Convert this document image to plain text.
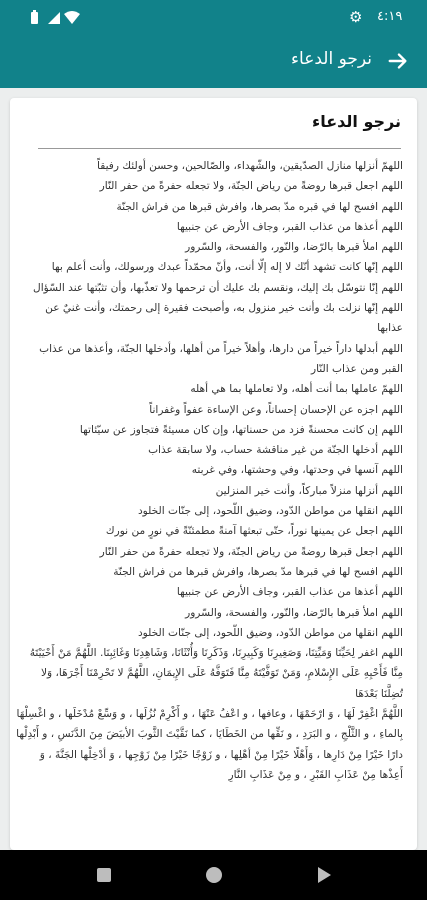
⚙ ٤:١٩
نرجو الدعاء
نرجو الدعاء

اللهمّ أنزلها منازل الصدّيقين، والشّهداء، والصّالحين، وحسن أولئك رفيقاً

اللهم اجعل قبرها روضةً من رياض الجنّة، ولا تجعله حفرةً من حفر النّار

اللهم افسح لها في قبره مدّ بصرها، وافرش قبرها من فراش الجنّة

اللهم أعذها من عذاب القبر، وجاف الأرض عن جنبيها

اللهم املأ قبرها بالرّضا، والنّور، والفسحة، والسّرور

اللهم إنّها كانت تشهد أنّك لا إله إلّا أنت، وأنّ محمّداً عبدك ورسولك، وأنت أعلم بها

اللهم إنّا نتوسّل بك إليك، ونقسم بك عليك أن ترحمها ولا تعذّبها، وأن تثبّتها عند السّؤال

اللهم إنّها نزلت بك وأنت خير منزول به، وأصبحت فقيرة إلى رحمتك، وأنت غنيٌ عن عذابها

اللهم أبدلها داراً خيراً من دارها، وأهلاً خيراً من أهلها، وأدخلها الجنّة، وأعذها من عذاب القبر ومن عذاب النّار

اللهمّ عاملها بما أنت أهله، ولا تعاملها بما هي أهله

اللهم اجزه عن الإحسان إحساناً، وعن الإساءة عفواً وغفراناً

اللهم إن كانت محسنةً فزد من حسناتها، وإن كان مسيئةً فتجاوز عن سيّئاتها

اللهم أدخلها الجنّة من غير مناقشة حساب، ولا سابقة عذاب

اللهم آنسها في وحدتها، وفي وحشتها، وفي غربته

اللهم أنزلها منزلاً مباركاً، وأنت خير المنزلين

اللهم انقلها من مواطن الدّود، وضيق اللّحود، إلى جنّات الخلود

اللهم اجعل عن يمينها نوراً، حتّى تبعثها آمنةً مطمئنّةً في نورٍ من نورك

اللهم اجعل قبرها روضةً من رياض الجنّة، ولا تجعله حفرةً من حفر النّار

اللهم افسح لها في قبرها مدّ بصرها، وافرش قبرها من فراش الجنّة

اللهم أعذها من عذاب القبر، وجاف الأرض عن جنبيها

اللهم املأ قبرها بالرّضا، والنّور، والفسحة، والسّرور

اللهم انقلها من مواطن الدّود، وضيق اللّحود، إلى جنّات الخلود

اللهم اغفر لِحَيِّنَا وَمَيِّتِنَا، وَصَغِيرِنَا وَكَبِيرِنَا، وَذَكَرِنَا وَأُنْثَانَا، وَشَاهِدِنَا وَغَائِبِنَا. اللَّهُمَّ مَنْ أَحْيَيْتَهُ مِنَّا فَأَحْيِهِ عَلَى الإِسْلامِ، وَمَنْ تَوَفَّيْتَهُ مِنَّا فَتَوَفَّهُ عَلَى الإِيمَانِ، اللَّهُمَّ لا تَحْرِمْنَا أَجْرَهَا، وَلا تُضِلَّنَا بَعْدَهَا

اللَّهُمَّ اغْفِرْ لَهَا ، وَ ارْحَمْهَا ، وعافها ، و اعْفُ عَنْهَا ، و أَكْرِمْ نُزُلَها ، و وَسِّعْ مُدْخَلَها ، و اغْسِلْهَا بِالماءِ ، و الثَّلْجِ ، و البَرَدِ ، و نَقِّها من الخَطَايَا ، كما نَقَّيْتَ الثَّوبَ الأبيَضَ مِنَ الدَّنَسِ ، و أَبْدِلْها دارًا خَيْرًا مِنْ دَارِها ، وَأَهْلًا خَيْرًا مِنْ أهْلِها ، و زَوْجًا خَيْرًا مِنْ زَوْجِها ، وَ أدْخِلْها الجَنَّةَ ، وَ أَعِذْها مِنْ عَذَابِ القَبْرِ ، و مِنْ عَذَابِ النَّارِ
